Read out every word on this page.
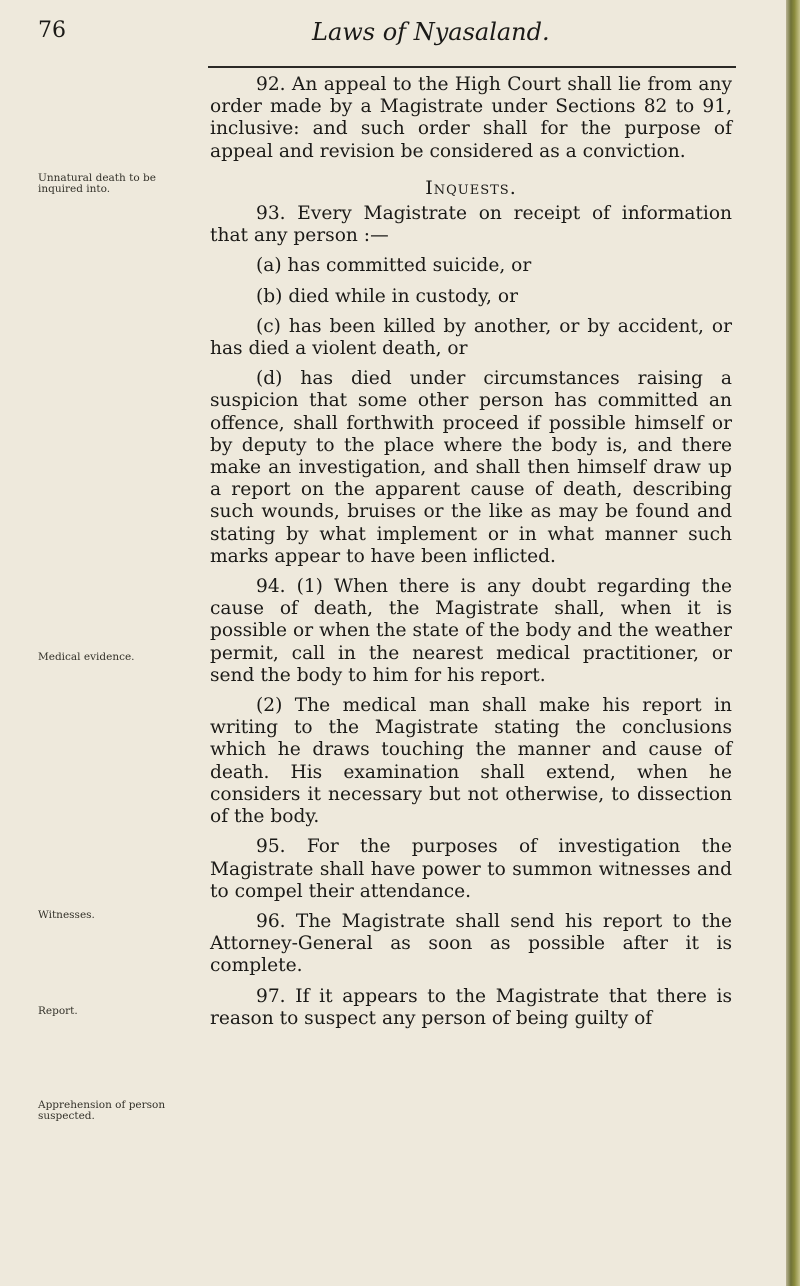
76	Laws of Nyasaland.
Unnatural death to be inquired into.
Medical evidence.
Witnesses.
Report.
Apprehension of person suspected.

92. An appeal to the High Court shall lie from any order made by a Magistrate under Sections 82 to 91, inclusive: and such order shall for the purpose of appeal and revision be considered as a conviction.

Inquests.

93. Every Magistrate on receipt of information that any person :—

(a) has committed suicide, or

(b) died while in custody, or

(c) has been killed by another, or by accident, or has died a violent death, or

(d) has died under circumstances raising a suspicion that some other person has committed an offence, shall forthwith proceed if possible himself or by deputy to the place where the body is, and there make an investigation, and shall then himself draw up a report on the apparent cause of death, describing such wounds, bruises or the like as may be found and stating by what implement or in what manner such marks appear to have been inflicted.

94. (1) When there is any doubt regarding the cause of death, the Magistrate shall, when it is possible or when the state of the body and the weather permit, call in the nearest medical practitioner, or send the body to him for his report.

(2) The medical man shall make his report in writing to the Magistrate stating the conclusions which he draws touching the manner and cause of death. His examination shall extend, when he considers it necessary but not otherwise, to dissection of the body.

95. For the purposes of investigation the Magistrate shall have power to summon witnesses and to compel their attendance.

96. The Magistrate shall send his report to the Attorney-General as soon as possible after it is complete.

97. If it appears to the Magistrate that there is reason to suspect any person of being guilty of
